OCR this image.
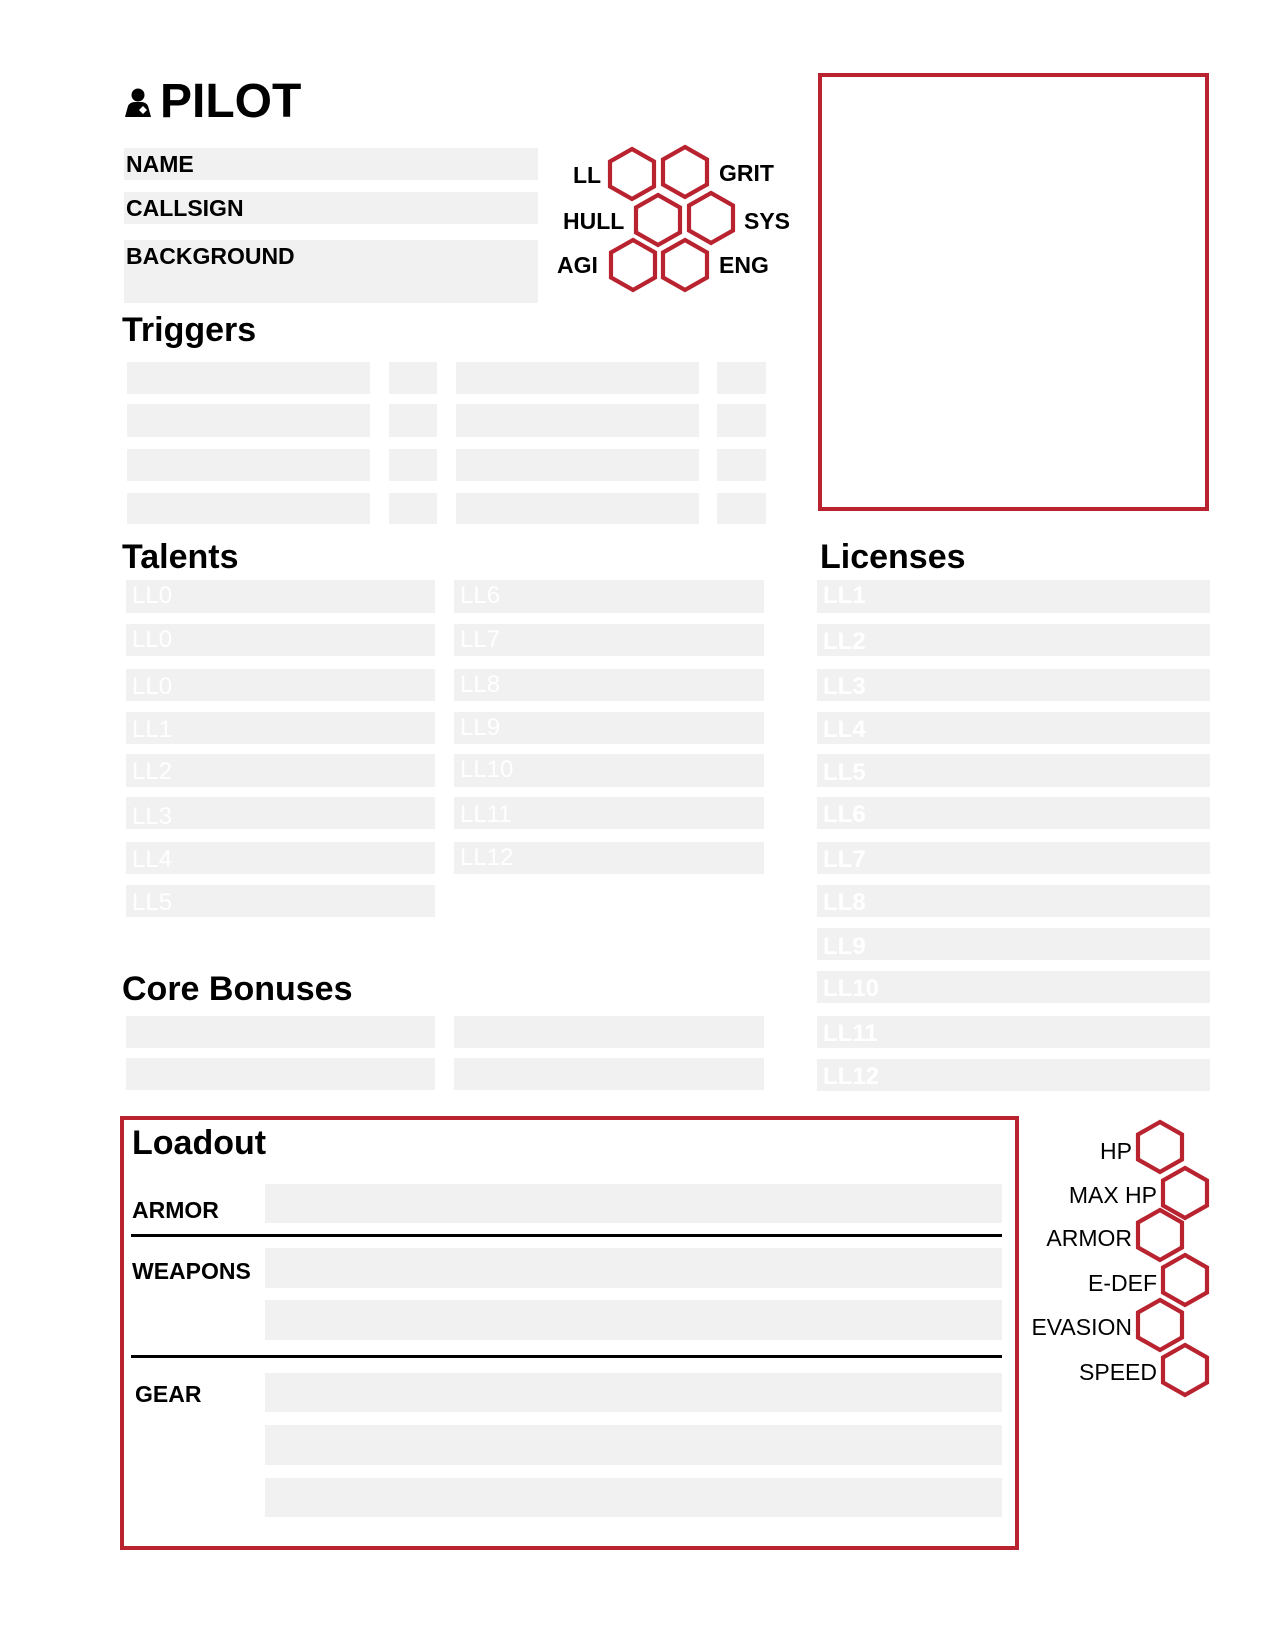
PILOT
NAME
CALLSIGN
BACKGROUND
LL	GRIT
HULL	SYS
AGI	ENG
Triggers
Talents
LL0
LL0
LL0
LL1
LL2
LL3
LL4
LL5
LL6
LL7
LL8
LL9
LL10
LL11
LL12
Licenses
LL1
LL2
LL3
LL4
LL5
LL6
LL7
LL8
LL9
LL10
LL11
LL12
Core Bonuses
Loadout
ARMOR
WEAPONS
GEAR
HP
MAX HP
ARMOR
E-DEF
EVASION
SPEED
